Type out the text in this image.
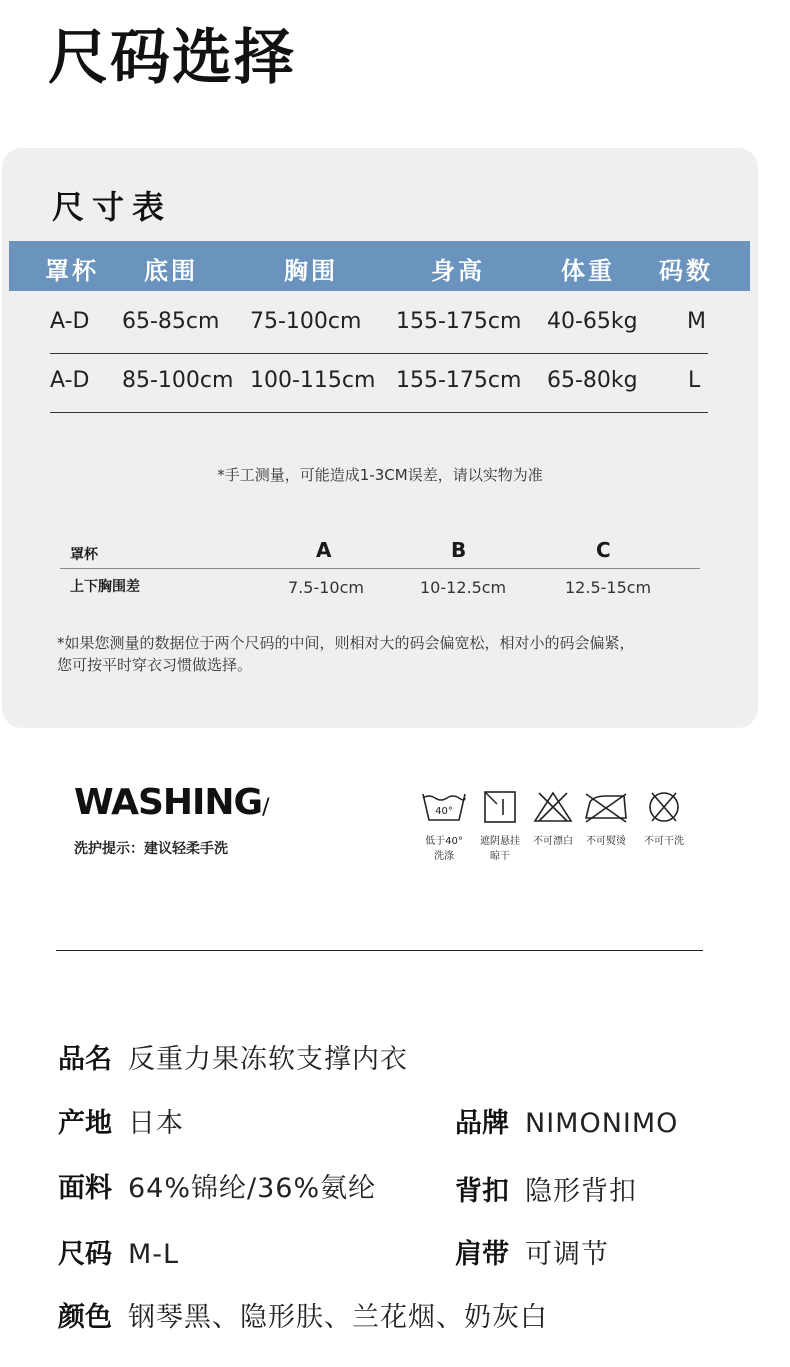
尺码选择
尺寸表
罩杯 底围	胸围	身高	体重 码数
A-D 65-85cm 75-100cm 155-175cm 40-65kg M
A-D 85-100cm 100-115cm 155-175cm 65-80kg L
*手工测量，可能造成1-3CM误差，请以实物为准
罩杯	A	B	C
上下胸围差	7.5-10cm	10-12.5cm	12.5-15cm
*如果您测量的数据位于两个尺码的中间，则相对大的码会偏宽松，相对小的码会偏紧，
您可按平时穿衣习惯做选择。
WASHING/
洗护提示：建议轻柔手洗
40°
低于40°
洗涤
遮阴悬挂
晾干
不可漂白	不可熨烫	不可干洗
品名 反重力果冻软支撑内衣
产地 日本	品牌 NIMONIMO
面料 64%锦纶/36%氨纶	背扣 隐形背扣
尺码 M-L	肩带 可调节
颜色 钢琴黑、隐形肤、兰花烟、奶灰白
